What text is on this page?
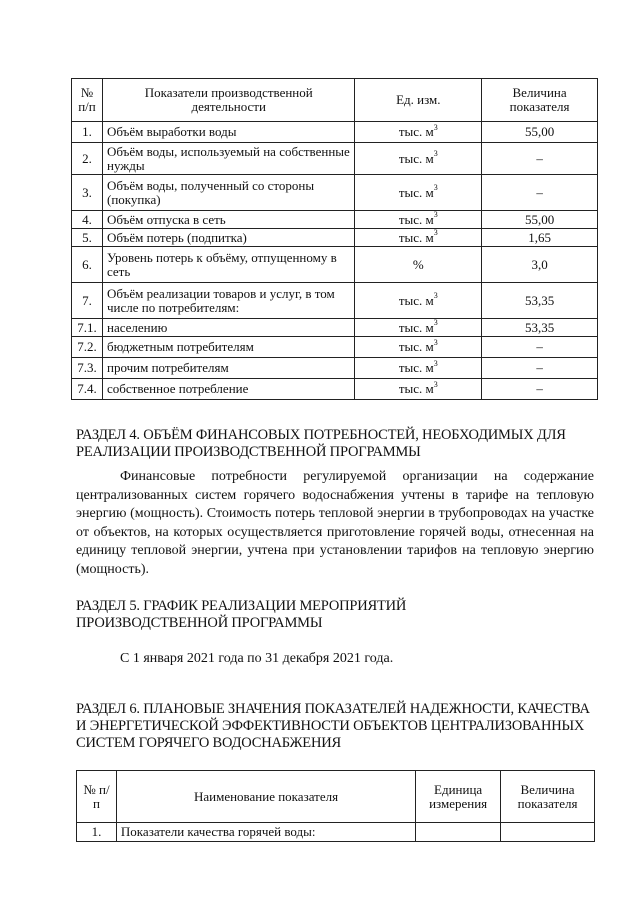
№ п/п	Показатели производственной деятельности	Ед. изм.	Величина показателя
1.	Объём выработки воды	тыс. $м^3$	55,00
2.	Объём воды, используемый на собственные нужды	тыс. $м^3$	–
3.	Объём воды, полученный со стороны (покупка)	тыс. $м^3$	–
4.	Объём отпуска в сеть	тыс. $м^3$	55,00
5.	Объём потерь (подпитка)	тыс. $м^3$	1,65
6.	Уровень потерь к объёму, отпущенному в сеть	%	3,0
7.	Объём реализации товаров и услуг, в том числе по потребителям:	тыс. $м^3$	53,35
7.1.	населению	тыс. $м^3$	53,35
7.2.	бюджетным потребителям	тыс. $м^3$	–
7.3.	прочим потребителям	тыс. $м^3$	–
7.4.	собственное потребление	тыс. $м^3$	–
РАЗДЕЛ 4. ОБЪЁМ ФИНАНСОВЫХ ПОТРЕБНОСТЕЙ, НЕОБХОДИМЫХ ДЛЯ РЕАЛИЗАЦИИ ПРОИЗВОДСТВЕННОЙ ПРОГРАММЫ
Финансовые потребности регулируемой организации на содержание централизованных систем горячего водоснабжения учтены в тарифе на тепловую энергию (мощность). Стоимость потерь тепловой энергии в трубопроводах на участке от объектов, на которых осуществляется приготовление горячей воды, отнесенная на единицу тепловой энергии, учтена при установлении тарифов на тепловую энергию (мощность).
РАЗДЕЛ 5. ГРАФИК РЕАЛИЗАЦИИ МЕРОПРИЯТИЙ ПРОИЗВОДСТВЕННОЙ ПРОГРАММЫ
С 1 января 2021 года по 31 декабря 2021 года.
РАЗДЕЛ 6. ПЛАНОВЫЕ ЗНАЧЕНИЯ ПОКАЗАТЕЛЕЙ НАДЕЖНОСТИ, КАЧЕСТВА И ЭНЕРГЕТИЧЕСКОЙ ЭФФЕКТИВНОСТИ ОБЪЕКТОВ ЦЕНТРАЛИЗОВАННЫХ СИСТЕМ ГОРЯЧЕГО ВОДОСНАБЖЕНИЯ
№ п/п	Наименование показателя	Единица измерения	Величина показателя
1.	Показатели качества горячей воды:		
